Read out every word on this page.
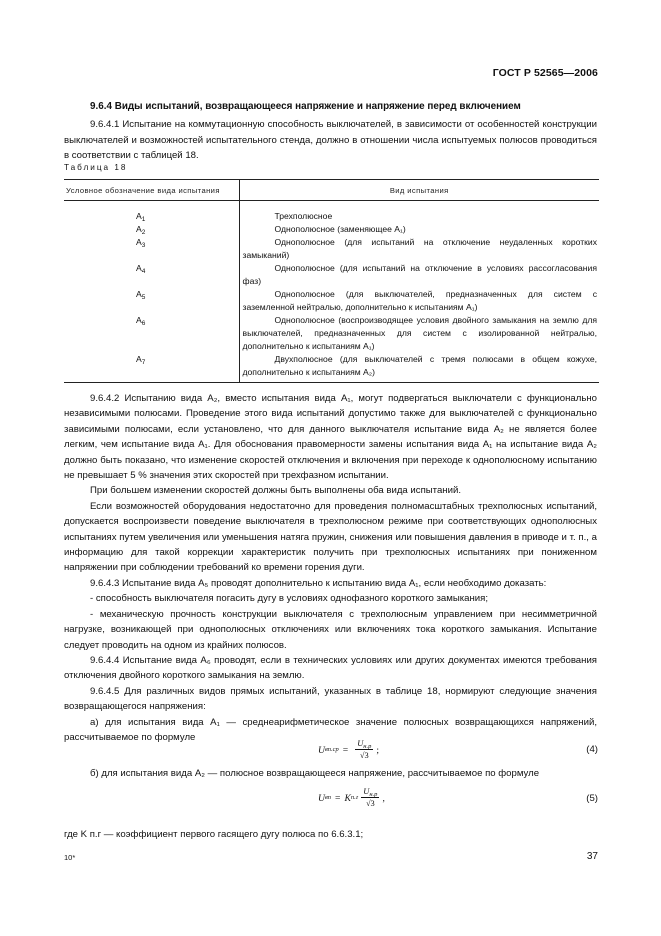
ГОСТ Р 52565—2006
9.6.4 Виды испытаний, возвращающееся напряжение и напряжение перед включением
9.6.4.1 Испытание на коммутационную способность выключателей, в зависимости от особенностей конструкции выключателей и возможностей испытательного стенда, должно в отношении числа испытуемых полюсов проводиться в соответствии с таблицей 18.
Таблица 18
Условное обозначение вида испытания	Вид испытания
$A_1$	Трехполюсное

$A_2$	Однополюсное (заменяющее A₁)

$A_3$	Однополюсное (для испытаний на отключение неудаленных коротких замыканий)

$A_4$	Однополюсное (для испытаний на отключение в условиях рассогласования фаз)

$A_5$	Однополюсное (для выключателей, предназначенных для систем с заземленной нейтралью, дополнительно к испытаниям A₁)

$A_6$	Однополюсное (воспроизводящее условия двойного замыкания на землю для выключателей, предназначенных для систем с изолированной нейтралью, дополнительно к испытаниям A₁)

$A_7$	Двухполюсное (для выключателей с тремя полюсами в общем кожухе, дополнительно к испытаниям A₂)
9.6.4.2 Испытанию вида A₂, вместо испытания вида A₁, могут подвергаться выключатели с функционально независимыми полюсами. Проведение этого вида испытаний допустимо также для выключателей с функционально зависимыми полюсами, если установлено, что для данного выключателя испытание вида A₂ не является более легким, чем испытание вида A₁. Для обоснования правомерности замены испытания вида A₁ на испытание вида A₂ должно быть показано, что изменение скоростей отключения и включения при переходе к однополюсному испытанию не превышает 5 % значения этих скоростей при трехфазном испытании.
При большем изменении скоростей должны быть выполнены оба вида испытаний.
Если возможностей оборудования недостаточно для проведения полномасштабных трехполюсных испытаний, допускается воспроизвести поведение выключателя в трехполюсном режиме при соответствующих однополюсных испытаниях путем увеличения или уменьшения натяга пружин, снижения или повышения давления в приводе и т. п., а информацию для такой коррекции характеристик получить при трехполюсных испытаниях при пониженном напряжении при соблюдении требований ко времени горения дуги.
9.6.4.3 Испытание вида A₅ проводят дополнительно к испытанию вида A₁, если необходимо доказать:
- способность выключателя погасить дугу в условиях однофазного короткого замыкания;
- механическую прочность конструкции выключателя с трехполюсным управлением при несимметричной нагрузке, возникающей при однополюсных отключениях или включениях тока короткого замыкания. Испытание следует проводить на одном из крайних полюсов.
9.6.4.4 Испытание вида A₆ проводят, если в технических условиях или других документах имеются требования отключения двойного короткого замыкания на землю.
9.6.4.5 Для различных видов прямых испытаний, указанных в таблице 18, нормируют следующие значения возвращающегося напряжения:
а) для испытания вида A₁ — среднеарифметическое значение полюсных возвращающихся напряжений, рассчитываемое по формуле
U $вп.ср = \frac{U_{н.р}}{√3}$ ;	(4)
б) для испытания вида A₂ — полюсное возвращающееся напряжение, рассчитываемое по формуле
U вп = K $п.г \frac{U_{н.р}}{√3}$ ,	(5)
где K п.г — коэффициент первого гасящего дугу полюса по 6.6.3.1;
10*	37
